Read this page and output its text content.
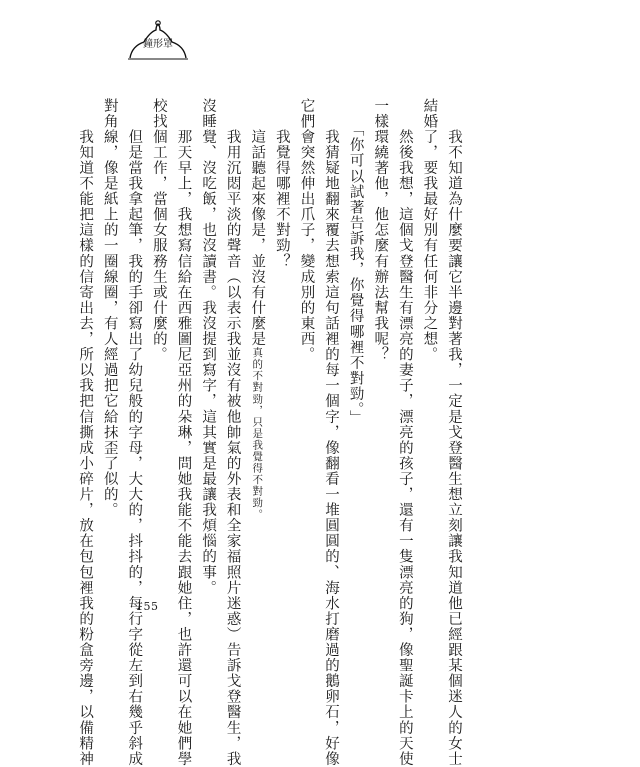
鐘形罩

　　我不知道為什麼要讓它半邊對著我，一定是戈登醫生想立刻讓我知道他已經跟某個迷人的女士

結婚了，要我最好別有任何非分之想。

　　然後我想，這個戈登醫生有漂亮的妻子，漂亮的孩子，還有一隻漂亮的狗，像聖誕卡上的天使

一樣環繞著他，他怎麼有辦法幫我呢？

　　「你可以試著告訴我，你覺得哪裡不對勁。」

　　我猜疑地翻來覆去想索這句話裡的每一個字，像翻看一堆圓圓的、海水打磨過的鵝卵石，好像

它們會突然伸出爪子，變成別的東西。

　　我覺得哪裡不對勁？

　　這話聽起來像是，並沒有什麼是真的不對勁，只是我覺得不對勁。

　　我用沉悶平淡的聲音（以表示我並沒有被他帥氣的外表和全家福照片迷惑）告訴戈登醫生，我

沒睡覺、沒吃飯，也沒讀書。我沒提到寫字，這其實是最讓我煩惱的事。

　　那天早上，我想寫信給在西雅圖尼亞州的朵琳，問她我能不能去跟她住，也許還可以在她們學

校找個工作，當個女服務生或什麼的。

　　但是當我拿起筆，我的手卻寫出了幼兒般的字母，大大的，抖抖的，每行字從左到右幾乎斜成

對角線，像是紙上的一圈線圈，有人經過把它給抹歪了似的。

　　我知道不能把這樣的信寄出去，所以我把信撕成小碎片，放在包包裡我的粉盒旁邊，以備精神	155
